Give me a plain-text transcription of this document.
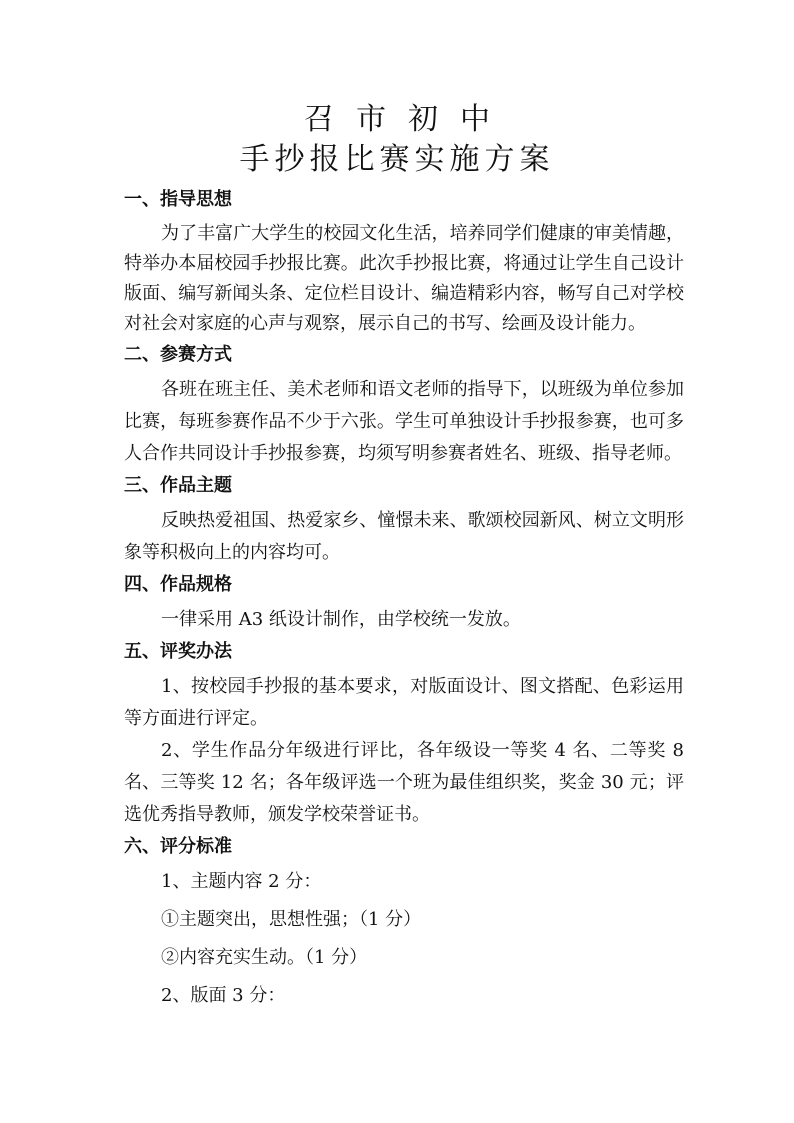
召市初中
手抄报比赛实施方案
一、指导思想

为了丰富广大学生的校园文化生活，培养同学们健康的审美情趣，特举办本届校园手抄报比赛。此次手抄报比赛，将通过让学生自己设计版面、编写新闻头条、定位栏目设计、编造精彩内容，畅写自己对学校对社会对家庭的心声与观察，展示自己的书写、绘画及设计能力。

二、参赛方式

各班在班主任、美术老师和语文老师的指导下，以班级为单位参加比赛，每班参赛作品不少于六张。学生可单独设计手抄报参赛，也可多人合作共同设计手抄报参赛，均须写明参赛者姓名、班级、指导老师。

三、作品主题

反映热爱祖国、热爱家乡、憧憬未来、歌颂校园新风、树立文明形象等积极向上的内容均可。

四、作品规格

一律采用 A3 纸设计制作，由学校统一发放。

五、评奖办法

1、按校园手抄报的基本要求，对版面设计、图文搭配、色彩运用等方面进行评定。

2、学生作品分年级进行评比，各年级设一等奖 4 名、二等奖 8 名、三等奖 12 名；各年级评选一个班为最佳组织奖，奖金 30 元；评选优秀指导教师，颁发学校荣誉证书。

六、评分标准

1、主题内容 2 分：

①主题突出，思想性强；（1 分）

②内容充实生动。（1 分）

2、版面 3 分：
